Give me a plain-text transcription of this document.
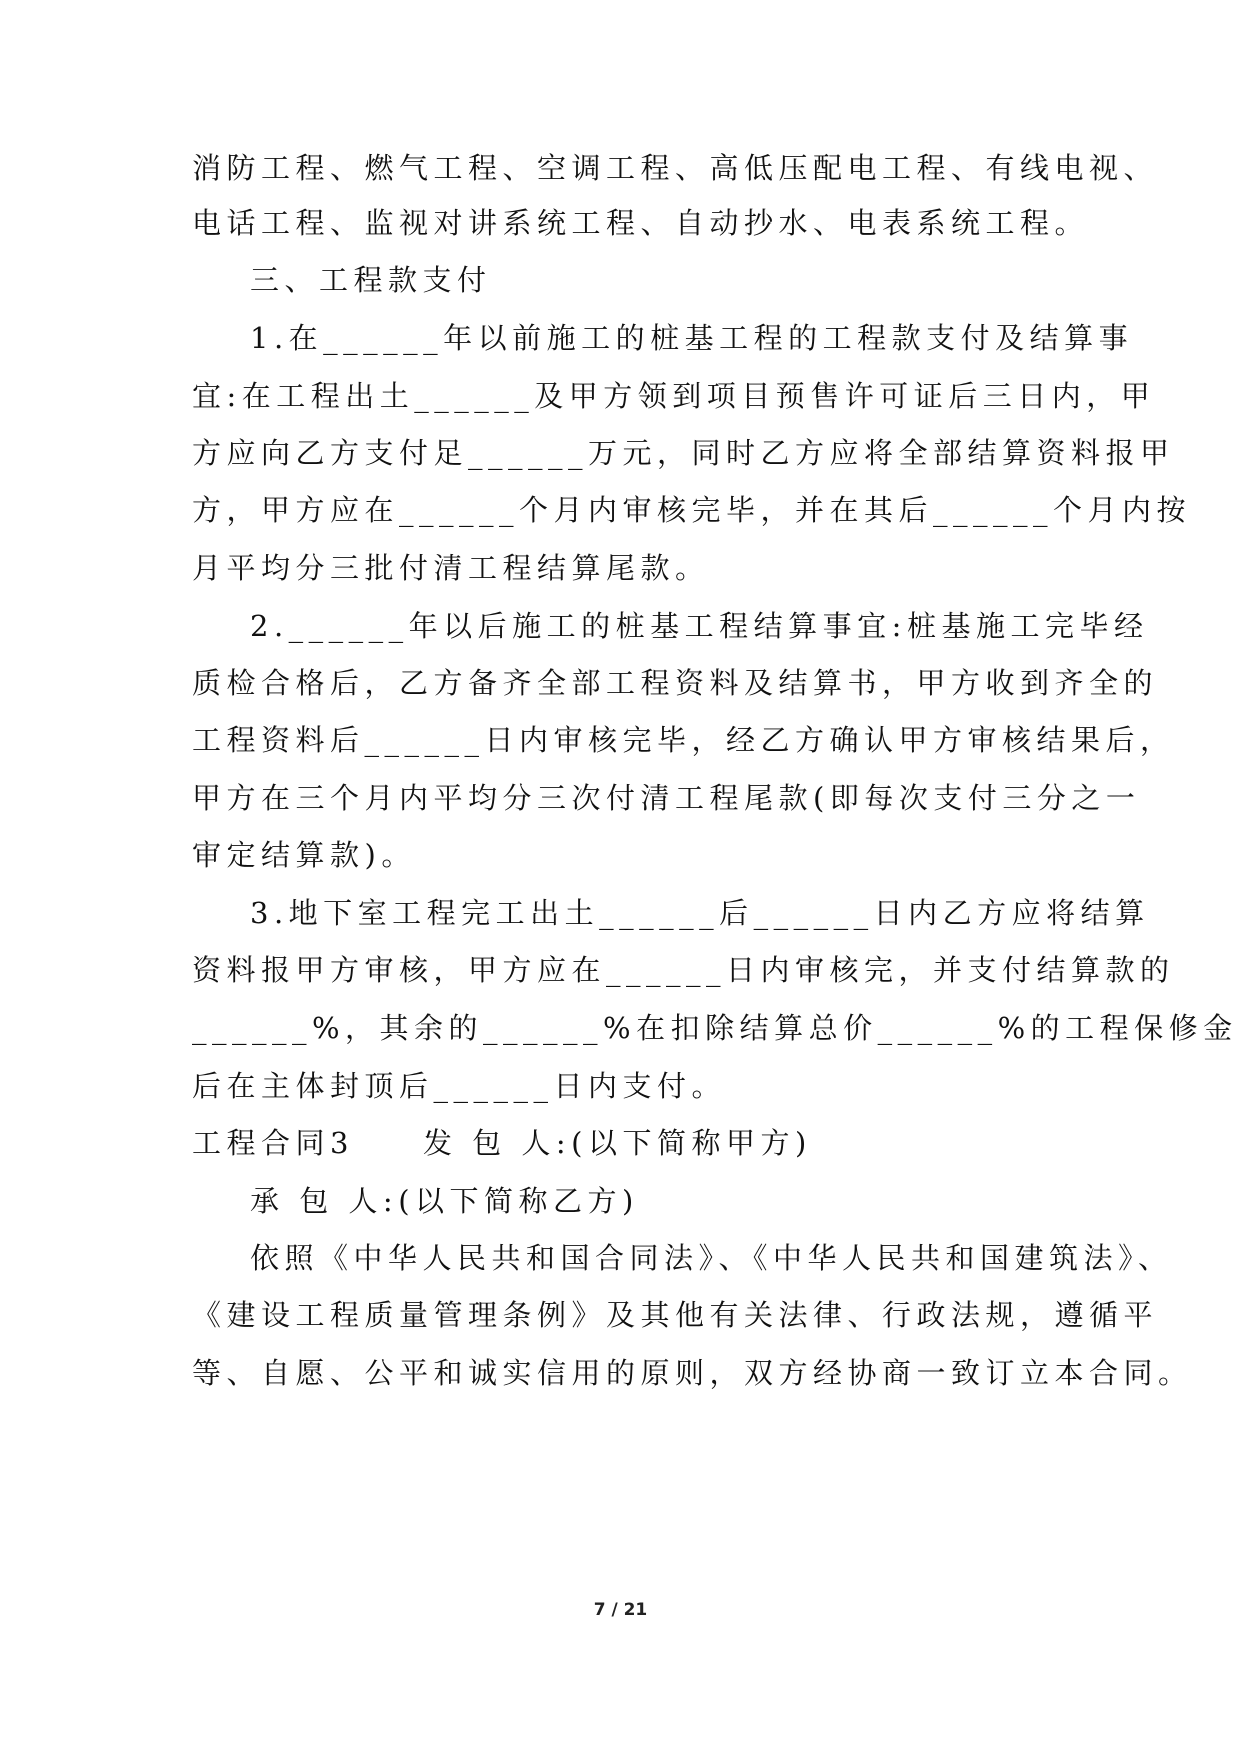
消防工程、燃气工程、空调工程、高低压配电工程、有线电视、
电话工程、监视对讲系统工程、自动抄水、电表系统工程。
三、工程款支付
1.在______年以前施工的桩基工程的工程款支付及结算事
宜:在工程出土______及甲方领到项目预售许可证后三日内，甲
方应向乙方支付足______万元，同时乙方应将全部结算资料报甲
方，甲方应在______个月内审核完毕，并在其后______个月内按
月平均分三批付清工程结算尾款。
2.______年以后施工的桩基工程结算事宜:桩基施工完毕经
质检合格后，乙方备齐全部工程资料及结算书，甲方收到齐全的
工程资料后______日内审核完毕，经乙方确认甲方审核结果后，
甲方在三个月内平均分三次付清工程尾款(即每次支付三分之一
审定结算款)。
3.地下室工程完工出土______后______日内乙方应将结算
资料报甲方审核，甲方应在______日内审核完，并支付结算款的
______%，其余的______%在扣除结算总价______%的工程保修金
后在主体封顶后______日内支付。
工程合同3　　发 包 人:(以下简称甲方)
承 包 人:(以下简称乙方)
依照《中华人民共和国合同法》、《中华人民共和国建筑法》、
《建设工程质量管理条例》及其他有关法律、行政法规，遵循平
等、自愿、公平和诚实信用的原则，双方经协商一致订立本合同。
7 / 21
